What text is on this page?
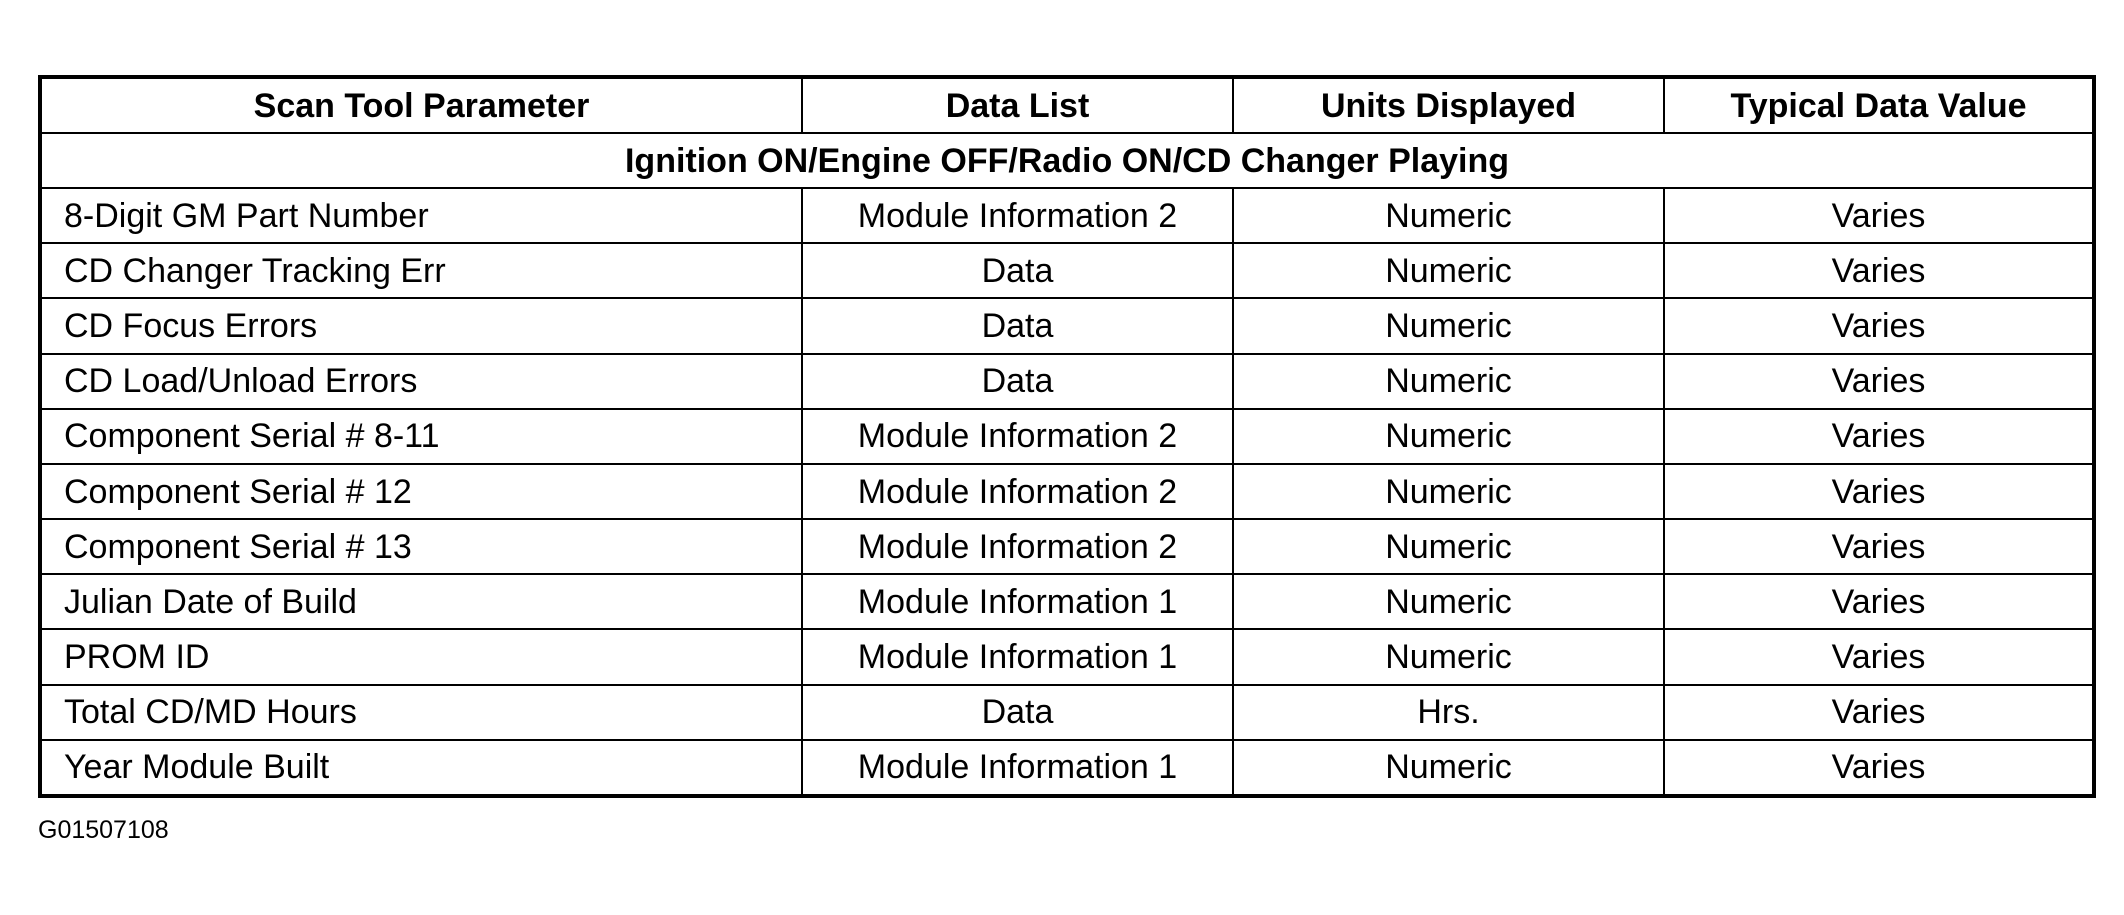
Scan Tool Parameter	Data List	Units Displayed	Typical Data Value
Ignition ON/Engine OFF/Radio ON/CD Changer Playing			
8-Digit GM Part Number	Module Information 2	Numeric	Varies
CD Changer Tracking Err	Data	Numeric	Varies
CD Focus Errors	Data	Numeric	Varies
CD Load/Unload Errors	Data	Numeric	Varies
Component Serial # 8-11	Module Information 2	Numeric	Varies
Component Serial # 12	Module Information 2	Numeric	Varies
Component Serial # 13	Module Information 2	Numeric	Varies
Julian Date of Build	Module Information 1	Numeric	Varies
PROM ID	Module Information 1	Numeric	Varies
Total CD/MD Hours	Data	Hrs.	Varies
Year Module Built	Module Information 1	Numeric	Varies
G01507108
